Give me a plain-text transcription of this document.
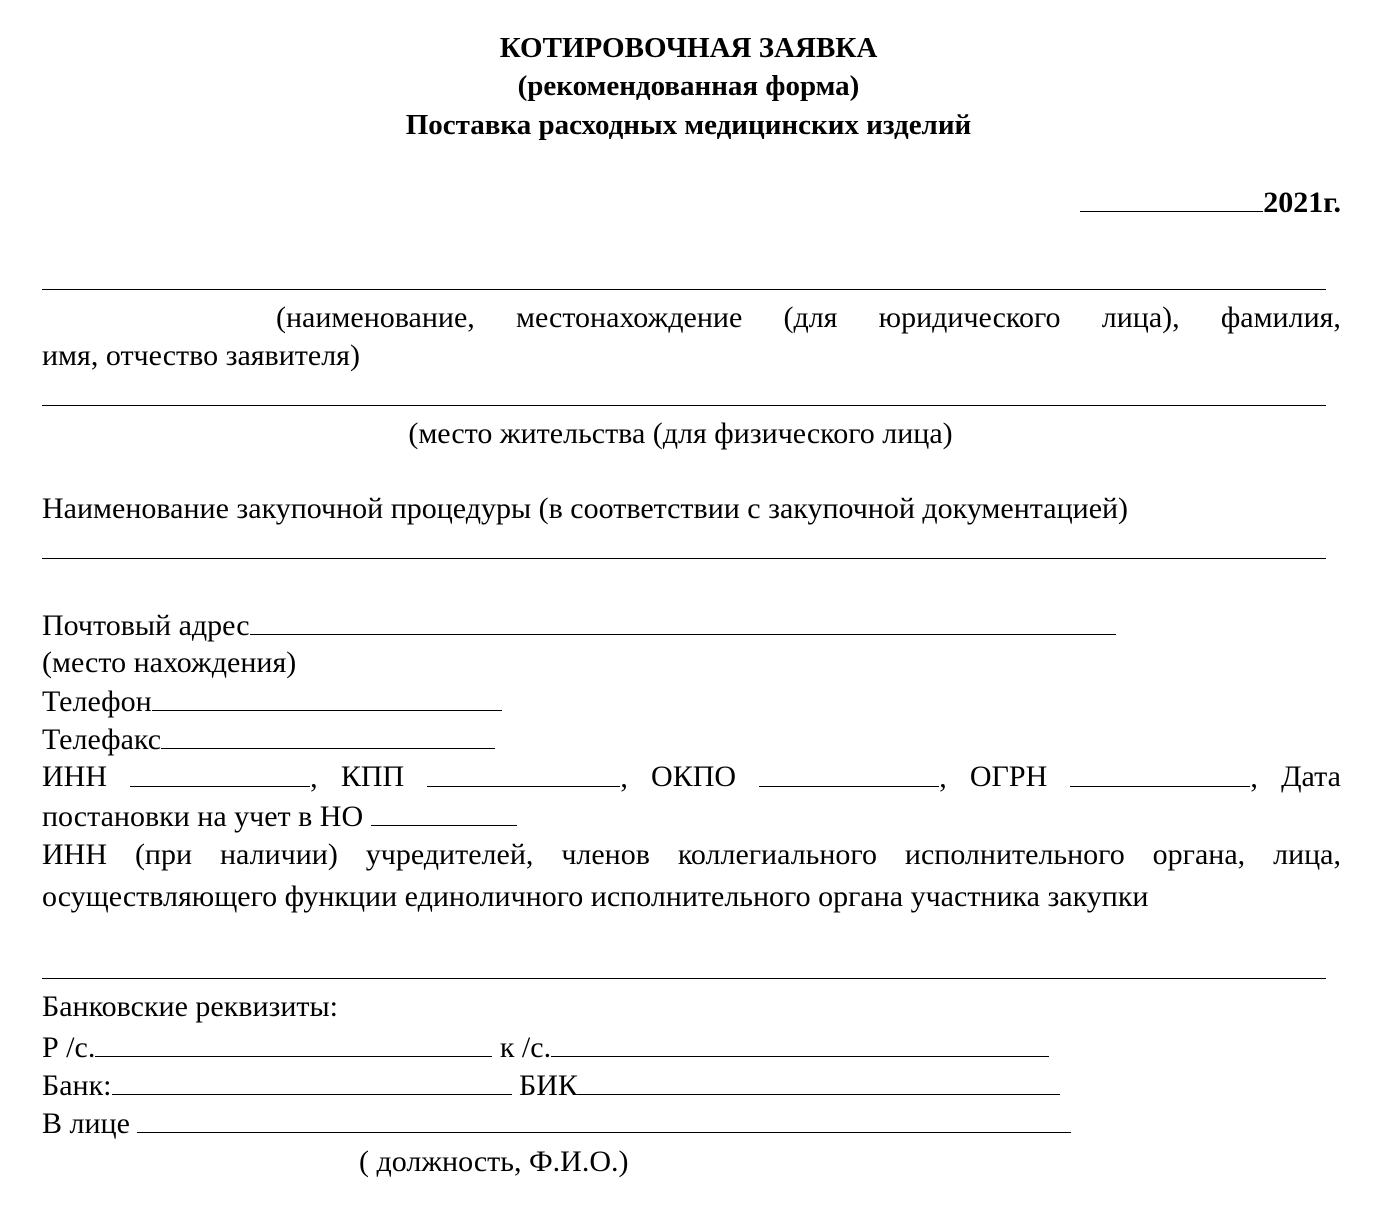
КОТИРОВОЧНАЯ ЗАЯВКА
(рекомендованная форма)
Поставка расходных медицинских изделий
2021г.
(наименование, местонахождение (для юридического лица), фамилия,
имя, отчество заявителя)
(место жительства (для физического лица)
Наименование закупочной процедуры (в соответствии с закупочной документацией)
Почтовый адрес
(место нахождения)
Телефон
Телефакс
ИНН	, КПП	, ОКПО	, ОГРН	, Дата
постановки на учет в НО
ИНН (при наличии) учредителей, членов коллегиального исполнительного органа, лица,
осуществляющего функции единоличного исполнительного органа участника закупки
Банковские реквизиты:
Р /с.	к /с.
Банк:	БИК
В лице
( должность, Ф.И.О.)
